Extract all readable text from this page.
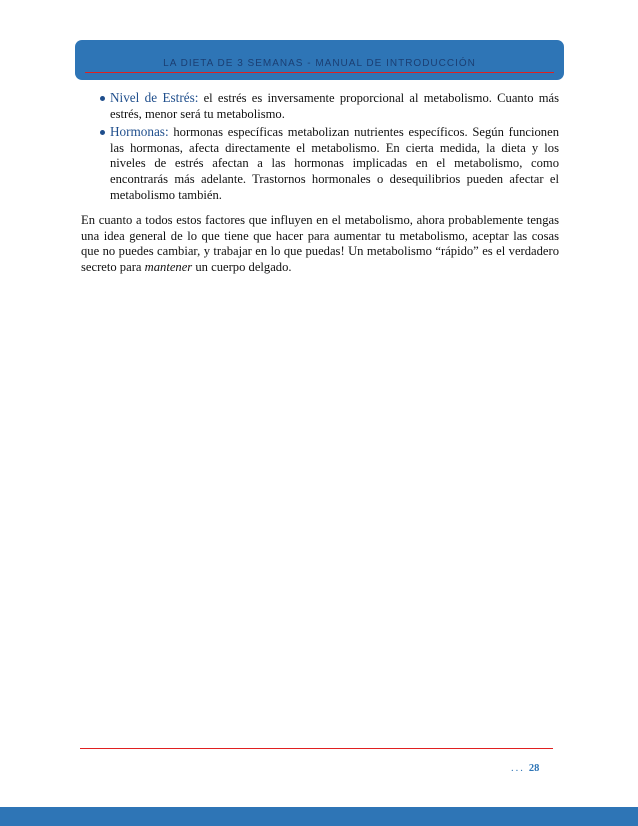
LA DIETA DE 3 SEMANAS - MANUAL DE INTRODUCCIÓN
Nivel de Estrés: el estrés es inversamente proporcional al metabolismo. Cuanto más estrés, menor será tu metabolismo.
Hormonas: hormonas específicas metabolizan nutrientes específicos. Según funcionen las hormonas, afecta directamente el metabolismo. En cierta medida, la dieta y los niveles de estrés afectan a las hormonas implicadas en el metabolismo, como encontrarás más adelante. Trastornos hormonales o desequilibrios pueden afectar el metabolismo también.

En cuanto a todos estos factores que influyen en el metabolismo, ahora probablemente tengas una idea general de lo que tiene que hacer para aumentar tu metabolismo, aceptar las cosas que no puedes cambiar, y trabajar en lo que puedas! Un metabolismo “rápido” es el verdadero secreto para mantener un cuerpo delgado.

... 28
